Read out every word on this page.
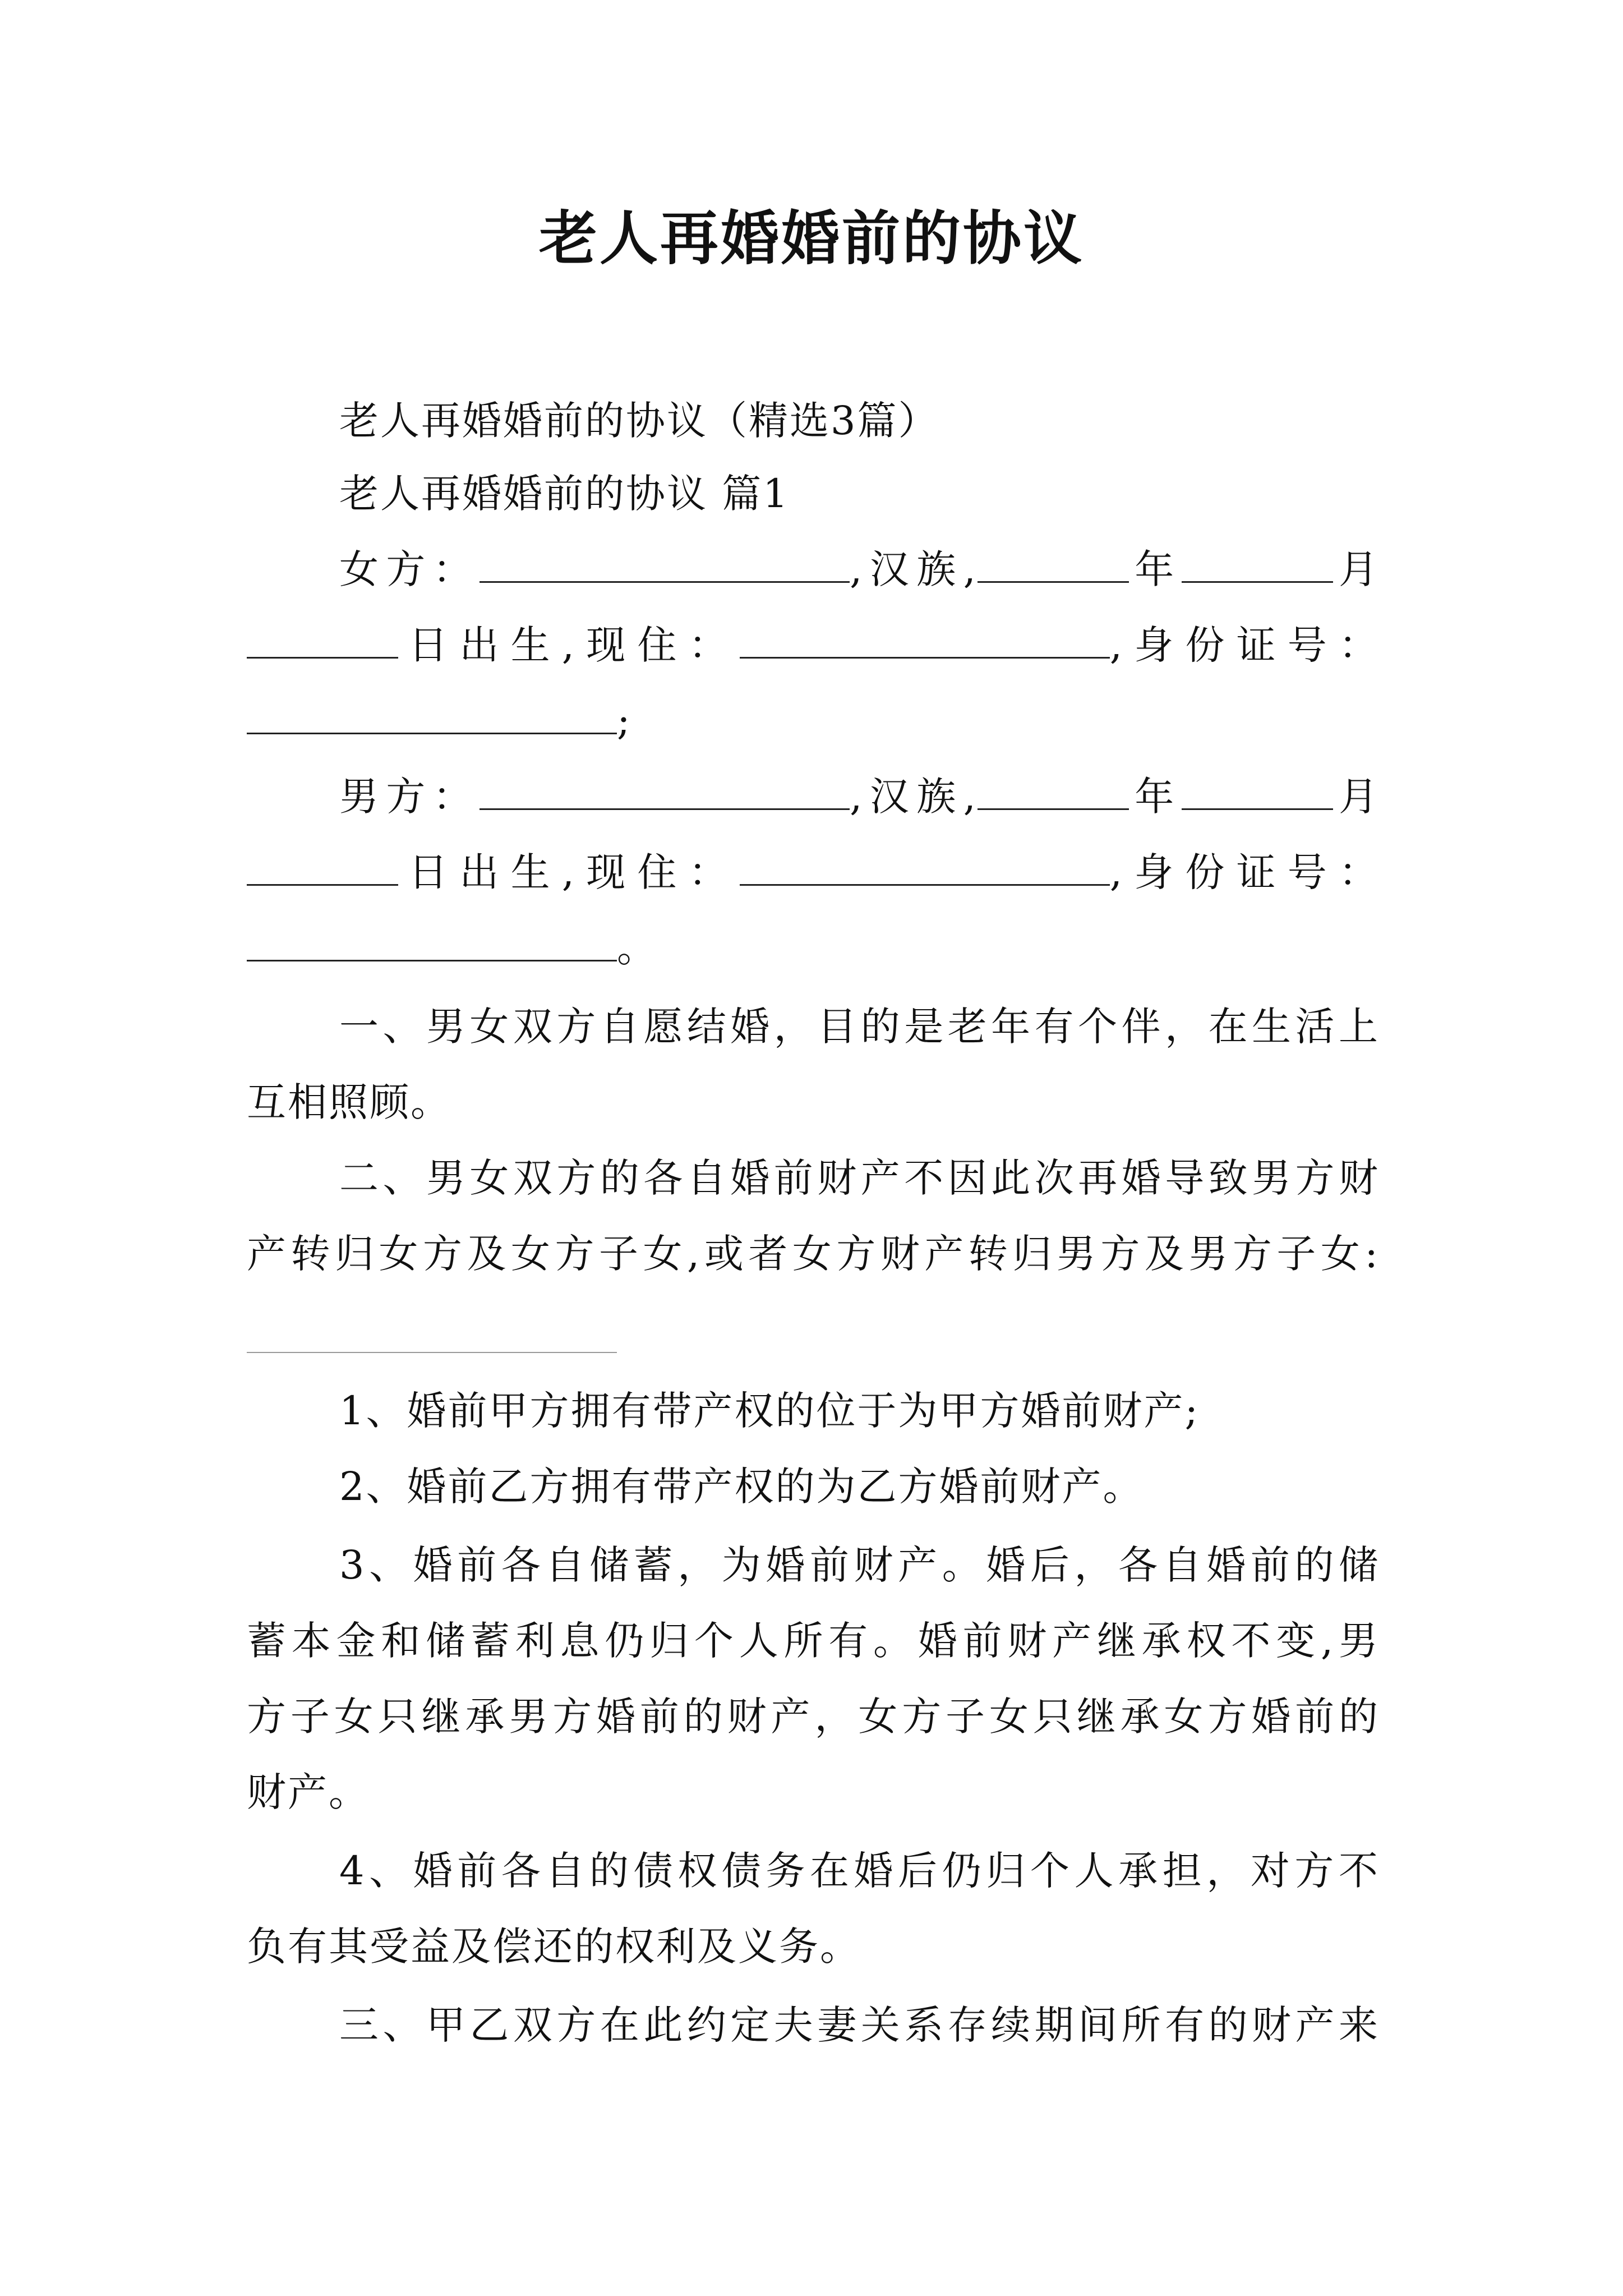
老人再婚婚前的协议

老人再婚婚前的协议（精选3篇）

老人再婚婚前的协议 篇1

女方：	,汉族,	年	月
日出生,现住：	,身份证号：
;
男方：	,汉族,	年	月
日出生,现住：	,身份证号：
。

一、男女双方自愿结婚，目的是老年有个伴，在生活上

互相照顾。

二、男女双方的各自婚前财产不因此次再婚导致男方财

产转归女方及女方子女,或者女方财产转归男方及男方子女:

1、婚前甲方拥有带产权的位于为甲方婚前财产;

2、婚前乙方拥有带产权的为乙方婚前财产。

3、婚前各自储蓄，为婚前财产。婚后，各自婚前的储

蓄本金和储蓄利息仍归个人所有。婚前财产继承权不变,男

方子女只继承男方婚前的财产，女方子女只继承女方婚前的

财产。

4、婚前各自的债权债务在婚后仍归个人承担，对方不

负有其受益及偿还的权利及义务。

三、甲乙双方在此约定夫妻关系存续期间所有的财产来
